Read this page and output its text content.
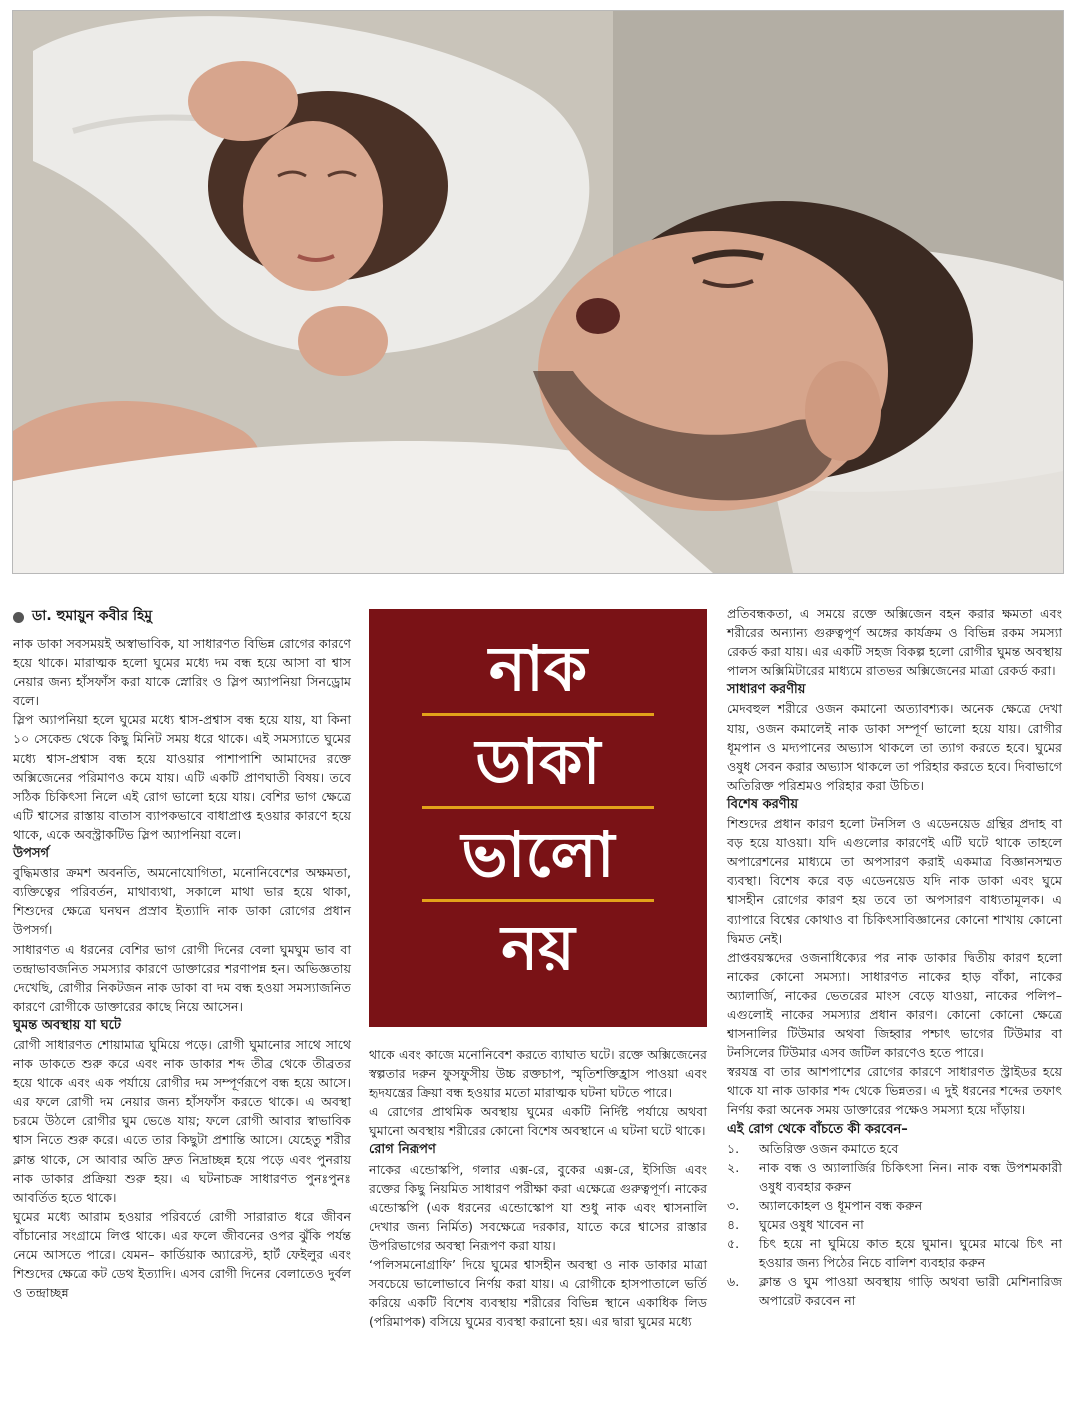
ডা. হুমায়ুন কবীর হিমু

নাক ডাকা সবসময়ই অস্বাভাবিক, যা সাধারণত বিভিন্ন রোগের কারণে হয়ে থাকে। মারাত্মক হলো ঘুমের মধ্যে দম বন্ধ হয়ে আসা বা শ্বাস নেয়ার জন্য হাঁসফাঁস করা যাকে স্নোরিং ও স্লিপ অ্যাপনিয়া সিনড্রোম বলে।

স্লিপ অ্যাপনিয়া হলে ঘুমের মধ্যে শ্বাস-প্রশ্বাস বন্ধ হয়ে যায়, যা কিনা ১০ সেকেন্ড থেকে কিছু মিনিট সময় ধরে থাকে। এই সমস্যাতে ঘুমের মধ্যে শ্বাস-প্রশ্বাস বন্ধ হয়ে যাওয়ার পাশাপাশি আমাদের রক্তে অক্সিজেনের পরিমাণও কমে যায়। এটি একটি প্রাণঘাতী বিষয়। তবে সঠিক চিকিৎসা নিলে এই রোগ ভালো হয়ে যায়। বেশির ভাগ ক্ষেত্রে এটি শ্বাসের রাস্তায় বাতাস ব্যাপকভাবে বাধাপ্রাপ্ত হওয়ার কারণে হয়ে থাকে, একে অবস্ট্রাকটিভ স্লিপ অ্যাপনিয়া বলে।

উপসর্গ

বুদ্ধিমত্তার ক্রমশ অবনতি, অমনোযোগিতা, মনোনিবেশের অক্ষমতা, ব্যক্তিত্বের পরিবর্তন, মাথাব্যথা, সকালে মাথা ভার হয়ে থাকা, শিশুদের ক্ষেত্রে ঘনঘন প্রস্রাব ইত্যাদি নাক ডাকা রোগের প্রধান উপসর্গ।

সাধারণত এ ধরনের বেশির ভাগ রোগী দিনের বেলা ঘুমঘুম ভাব বা তন্দ্রাভাবজনিত সমস্যার কারণে ডাক্তারের শরণাপন্ন হন। অভিজ্ঞতায় দেখেছি, রোগীর নিকটজন নাক ডাকা বা দম বন্ধ হওয়া সমস্যাজনিত কারণে রোগীকে ডাক্তারের কাছে নিয়ে আসেন।

ঘুমন্ত অবস্থায় যা ঘটে

রোগী সাধারণত শোয়ামাত্র ঘুমিয়ে পড়ে। রোগী ঘুমানোর সাথে সাথে নাক ডাকতে শুরু করে এবং নাক ডাকার শব্দ তীব্র থেকে তীব্রতর হয়ে থাকে এবং এক পর্যায়ে রোগীর দম সম্পূর্ণরূপে বন্ধ হয়ে আসে। এর ফলে রোগী দম নেয়ার জন্য হাঁসফাঁস করতে থাকে। এ অবস্থা চরমে উঠলে রোগীর ঘুম ভেঙে যায়; ফলে রোগী আবার স্বাভাবিক শ্বাস নিতে শুরু করে। এতে তার কিছুটা প্রশান্তি আসে। যেহেতু শরীর ক্লান্ত থাকে, সে আবার অতি দ্রুত নিদ্রাচ্ছন্ন হয়ে পড়ে এবং পুনরায় নাক ডাকার প্রক্রিয়া শুরু হয়। এ ঘটনাচক্র সাধারণত পুনঃপুনঃ আবর্তিত হতে থাকে।

ঘুমের মধ্যে আরাম হওয়ার পরিবর্তে রোগী সারারাত ধরে জীবন বাঁচানোর সংগ্রামে লিপ্ত থাকে। এর ফলে জীবনের ওপর ঝুঁকি পর্যন্ত নেমে আসতে পারে। যেমন– কার্ডিয়াক অ্যারেস্ট, হার্ট ফেইলুর এবং শিশুদের ক্ষেত্রে কট ডেথ ইত্যাদি। এসব রোগী দিনের বেলাতেও দুর্বল ও তন্দ্রাচ্ছন্ন

নাক
ডাকা
ভালো
নয়

থাকে এবং কাজে মনোনিবেশ করতে ব্যাঘাত ঘটে। রক্তে অক্সিজেনের স্বল্পতার দরুন ফুসফুসীয় উচ্চ রক্তচাপ, স্মৃতিশক্তিহ্রাস পাওয়া এবং হৃদযন্ত্রের ক্রিয়া বন্ধ হওয়ার মতো মারাত্মক ঘটনা ঘটতে পারে।

এ রোগের প্রাথমিক অবস্থায় ঘুমের একটি নির্দিষ্ট পর্যায়ে অথবা ঘুমানো অবস্থায় শরীরের কোনো বিশেষ অবস্থানে এ ঘটনা ঘটে থাকে।

রোগ নিরূপণ

নাকের এন্ডোস্কপি, গলার এক্স-রে, বুকের এক্স-রে, ইসিজি এবং রক্তের কিছু নিয়মিত সাধারণ পরীক্ষা করা এক্ষেত্রে গুরুত্বপূর্ণ। নাকের এন্ডোস্কপি (এক ধরনের এন্ডোস্কোপ যা শুধু নাক এবং শ্বাসনালি দেখার জন্য নির্মিত) সবক্ষেত্রে দরকার, যাতে করে শ্বাসের রাস্তার উপরিভাগের অবস্থা নিরূপণ করা যায়।

‘পলিসমনোগ্রাফি’ দিয়ে ঘুমের শ্বাসহীন অবস্থা ও নাক ডাকার মাত্রা সবচেয়ে ভালোভাবে নির্ণয় করা যায়। এ রোগীকে হাসপাতালে ভর্তি করিয়ে একটি বিশেষ ব্যবস্থায় শরীরের বিভিন্ন স্থানে একাধিক লিড (পরিমাপক) বসিয়ে ঘুমের ব্যবস্থা করানো হয়। এর দ্বারা ঘুমের মধ্যে

প্রতিবন্ধকতা, এ সময়ে রক্তে অক্সিজেন বহন করার ক্ষমতা এবং শরীরের অন্যান্য গুরুত্বপূর্ণ অঙ্গের কার্যক্রম ও বিভিন্ন রকম সমস্যা রেকর্ড করা যায়। এর একটি সহজ বিকল্প হলো রোগীর ঘুমন্ত অবস্থায় পালস অক্সিমিটারের মাধ্যমে রাতভর অক্সিজেনের মাত্রা রেকর্ড করা।

সাধারণ করণীয়

মেদবহুল শরীরে ওজন কমানো অত্যাবশ্যক। অনেক ক্ষেত্রে দেখা যায়, ওজন কমালেই নাক ডাকা সম্পূর্ণ ভালো হয়ে যায়। রোগীর ধূমপান ও মদ্যপানের অভ্যাস থাকলে তা ত্যাগ করতে হবে। ঘুমের ওষুধ সেবন করার অভ্যাস থাকলে তা পরিহার করতে হবে। দিবাভাগে অতিরিক্ত পরিশ্রমও পরিহার করা উচিত।

বিশেষ করণীয়

শিশুদের প্রধান কারণ হলো টনসিল ও এডেনয়েড গ্রন্থির প্রদাহ বা বড় হয়ে যাওয়া। যদি এগুলোর কারণেই এটি ঘটে থাকে তাহলে অপারেশনের মাধ্যমে তা অপসারণ করাই একমাত্র বিজ্ঞানসম্মত ব্যবস্থা। বিশেষ করে বড় এডেনয়েড যদি নাক ডাকা এবং ঘুমে শ্বাসহীন রোগের কারণ হয় তবে তা অপসারণ বাধ্যতামূলক। এ ব্যাপারে বিশ্বের কোথাও বা চিকিৎসাবিজ্ঞানের কোনো শাখায় কোনো দ্বিমত নেই।

প্রাপ্তবয়স্কদের ওজনাধিক্যের পর নাক ডাকার দ্বিতীয় কারণ হলো নাকের কোনো সমস্যা। সাধারণত নাকের হাড় বাঁকা, নাকের অ্যালার্জি, নাকের ভেতরের মাংস বেড়ে যাওয়া, নাকের পলিপ– এগুলোই নাকের সমস্যার প্রধান কারণ। কোনো কোনো ক্ষেত্রে শ্বাসনালির টিউমার অথবা জিহ্বার পশ্চাৎ ভাগের টিউমার বা টনসিলের টিউমার এসব জটিল কারণেও হতে পারে।

স্বরযন্ত্র বা তার আশপাশের রোগের কারণে সাধারণত স্ট্রাইডর হয়ে থাকে যা নাক ডাকার শব্দ থেকে ভিন্নতর। এ দুই ধরনের শব্দের তফাৎ নির্ণয় করা অনেক সময় ডাক্তারের পক্ষেও সমস্যা হয়ে দাঁড়ায়।

এই রোগ থেকে বাঁচতে কী করবেন–
১.	অতিরিক্ত ওজন কমাতে হবে
২.	নাক বন্ধ ও অ্যালার্জির চিকিৎসা নিন। নাক বন্ধ উপশমকারী ওষুধ ব্যবহার করুন
৩.	অ্যালকোহল ও ধূমপান বন্ধ করুন
৪.	ঘুমের ওষুধ খাবেন না
৫.	চিৎ হয়ে না ঘুমিয়ে কাত হয়ে ঘুমান। ঘুমের মাঝে চিৎ না হওয়ার জন্য পিঠের নিচে বালিশ ব্যবহার করুন
৬.	ক্লান্ত ও ঘুম পাওয়া অবস্থায় গাড়ি অথবা ভারী মেশিনারিজ অপারেট করবেন না
